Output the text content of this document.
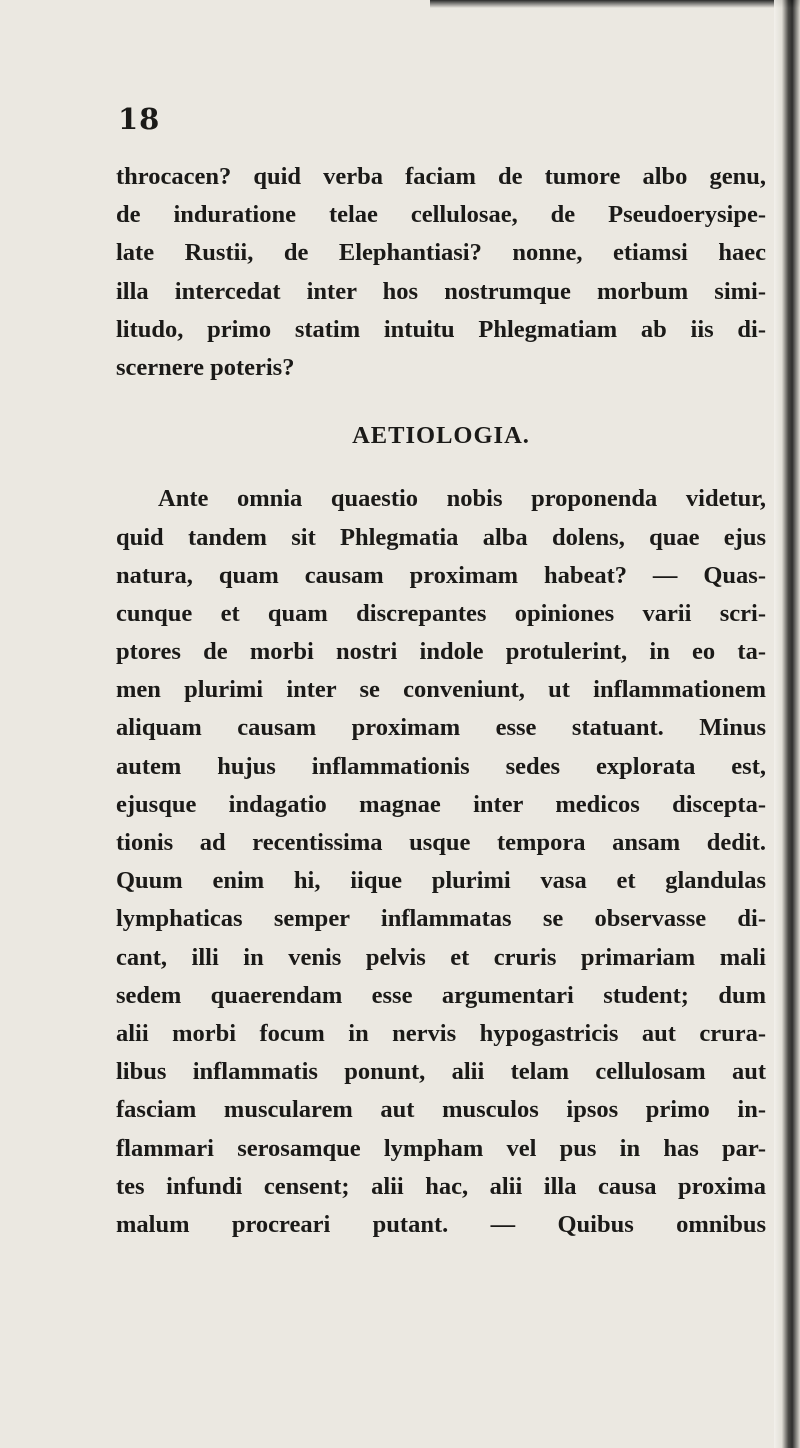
18
throcacen? quid verba faciam de tumore albo genu,
de induratione telae cellulosae, de Pseudoerysipe-
late Rustii, de Elephantiasi? nonne, etiamsi haec
illa intercedat inter hos nostrumque morbum simi-
litudo, primo statim intuitu Phlegmatiam ab iis di-
scernere poteris?
AETIOLOGIA.
Ante omnia quaestio nobis proponenda videtur,
quid tandem sit Phlegmatia alba dolens, quae ejus
natura, quam causam proximam habeat? — Quas-
cunque et quam discrepantes opiniones varii scri-
ptores de morbi nostri indole protulerint, in eo ta-
men plurimi inter se conveniunt, ut inflammationem
aliquam causam proximam esse statuant. Minus
autem hujus inflammationis sedes explorata est,
ejusque indagatio magnae inter medicos discepta-
tionis ad recentissima usque tempora ansam dedit.
Quum enim hi, iique plurimi vasa et glandulas
lymphaticas semper inflammatas se observasse di-
cant, illi in venis pelvis et cruris primariam mali
sedem quaerendam esse argumentari student; dum
alii morbi focum in nervis hypogastricis aut crura-
libus inflammatis ponunt, alii telam cellulosam aut
fasciam muscularem aut musculos ipsos primo in-
flammari serosamque lympham vel pus in has par-
tes infundi censent; alii hac, alii illa causa proxima
malum procreari putant. — Quibus omnibus
